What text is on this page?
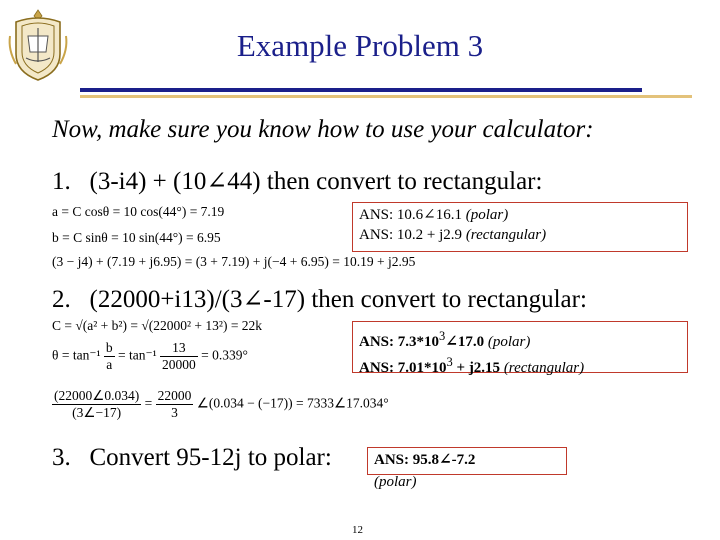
Example Problem 3
Now, make sure you know how to use your calculator:
1. (3-i4) + (10∠44) then convert to rectangular:
a = C cosθ = 10 cos(44°) = 7.19
b = C sinθ = 10 sin(44°) = 6.95
(3 − j4) + (7.19 + j6.95) = (3 + 7.19) + j(−4 + 6.95) = 10.19 + j2.95
ANS: 10.6∠16.1 (polar)
ANS: 10.2 + j2.9 (rectangular)
2. (22000+i13)/(3∠-17) then convert to rectangular:
C = √(a² + b²) = √(22000² + 13²) = 22k
$\theta = \tan^{-1} \frac{b}{a} = \tan^{-1} \frac{13}{20000} = 0.339^\circ$
$\frac{(22000\angle 0.034)}{(3\angle-17)} = \frac{22000}{3}$ ∠(0.034 − (−17)) = 7333∠17.034°
ANS: $7.3*10^3\angle 17.0$ (polar)
ANS: $7.01*10^3 + j2.15$ (rectangular)
3. Convert 95-12j to polar:	ANS: 95.8∠-7.2
(polar)
12
